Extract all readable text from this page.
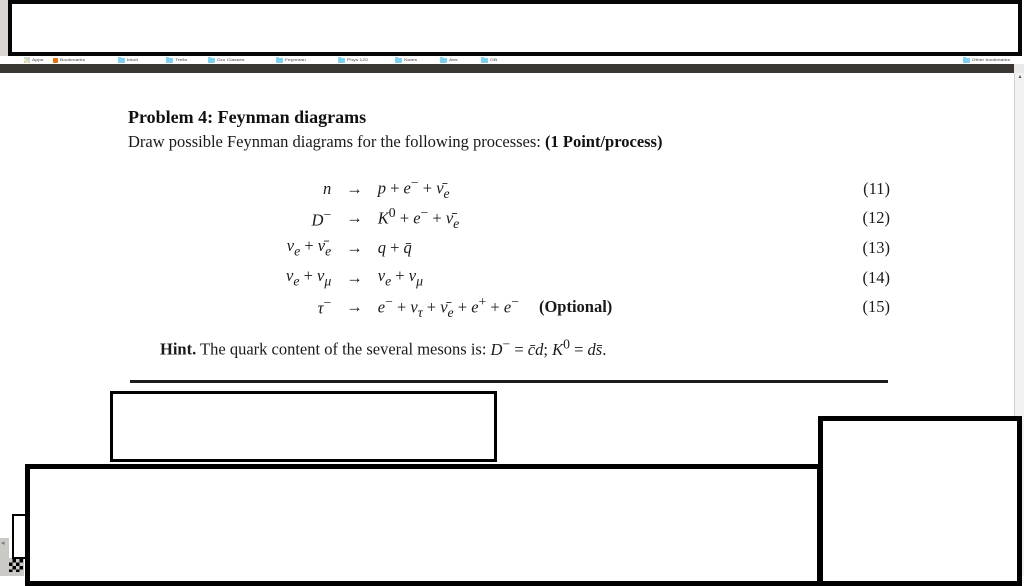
Apps	Bookmarks	Intuit	Trello	Gro Classes	Feynman	Phys 120	Notes	Abs	GB	Other bookmarks
▴
Problem 4: Feynman diagrams
Draw possible Feynman diagrams for the following processes: (1 Point/process)
$n \to p + e^- + \nū_e$	(11)
$D^- \to K^0 + e^-$ + $\nū_e$	(12)
$\nu_e$ + $\nū_e \to q$ + q̄	(13)
$\nu_e + \nu_\mu \to \nu_e + \nu_\mu$	(14)
$\tau^- \to e^- + \nu_\tau$ + $\nū_e + e^+ + e^-$ (Optional)	(15)
Hint. The quark content of the several mesons is: D− = c̄d; $K^0$ = ds̄.
◂
